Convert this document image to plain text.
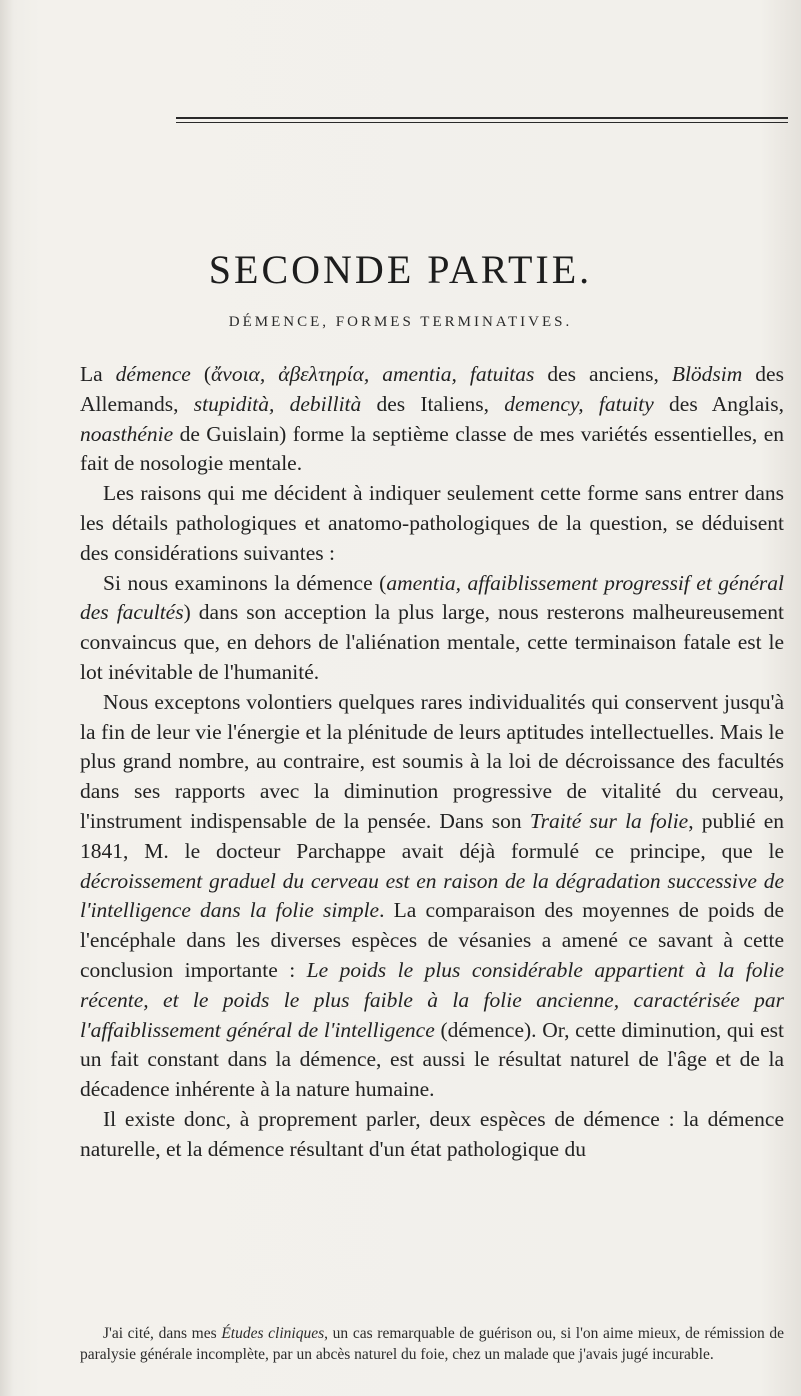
SECONDE PARTIE.
DÉMENCE, FORMES TERMINATIVES.

La démence (ἄνοια, ἀβελτηρία, amentia, fatuitas des anciens, Blödsim des Allemands, stupidità, debillità des Italiens, demency, fatuity des Anglais, noasthénie de Guislain) forme la septième classe de mes variétés essentielles, en fait de nosologie mentale.

Les raisons qui me décident à indiquer seulement cette forme sans entrer dans les détails pathologiques et anatomo-pathologiques de la question, se déduisent des considérations suivantes :

Si nous examinons la démence (amentia, affaiblissement progressif et général des facultés) dans son acception la plus large, nous resterons malheureusement convaincus que, en dehors de l'aliénation mentale, cette terminaison fatale est le lot inévitable de l'humanité.

Nous exceptons volontiers quelques rares individualités qui conservent jusqu'à la fin de leur vie l'énergie et la plénitude de leurs aptitudes intellectuelles. Mais le plus grand nombre, au contraire, est soumis à la loi de décroissance des facultés dans ses rapports avec la diminution progressive de vitalité du cerveau, l'instrument indispensable de la pensée. Dans son Traité sur la folie, publié en 1841, M. le docteur Parchappe avait déjà formulé ce principe, que le décroissement graduel du cerveau est en raison de la dégradation successive de l'intelligence dans la folie simple. La comparaison des moyennes de poids de l'encéphale dans les diverses espèces de vésanies a amené ce savant à cette conclusion importante : Le poids le plus considérable appartient à la folie récente, et le poids le plus faible à la folie ancienne, caractérisée par l'affaiblissement général de l'intelligence (démence). Or, cette diminution, qui est un fait constant dans la démence, est aussi le résultat naturel de l'âge et de la décadence inhérente à la nature humaine.

Il existe donc, à proprement parler, deux espèces de démence : la démence naturelle, et la démence résultant d'un état pathologique du

J'ai cité, dans mes Études cliniques, un cas remarquable de guérison ou, si l'on aime mieux, de rémission de paralysie générale incomplète, par un abcès naturel du foie, chez un malade que j'avais jugé incurable.
